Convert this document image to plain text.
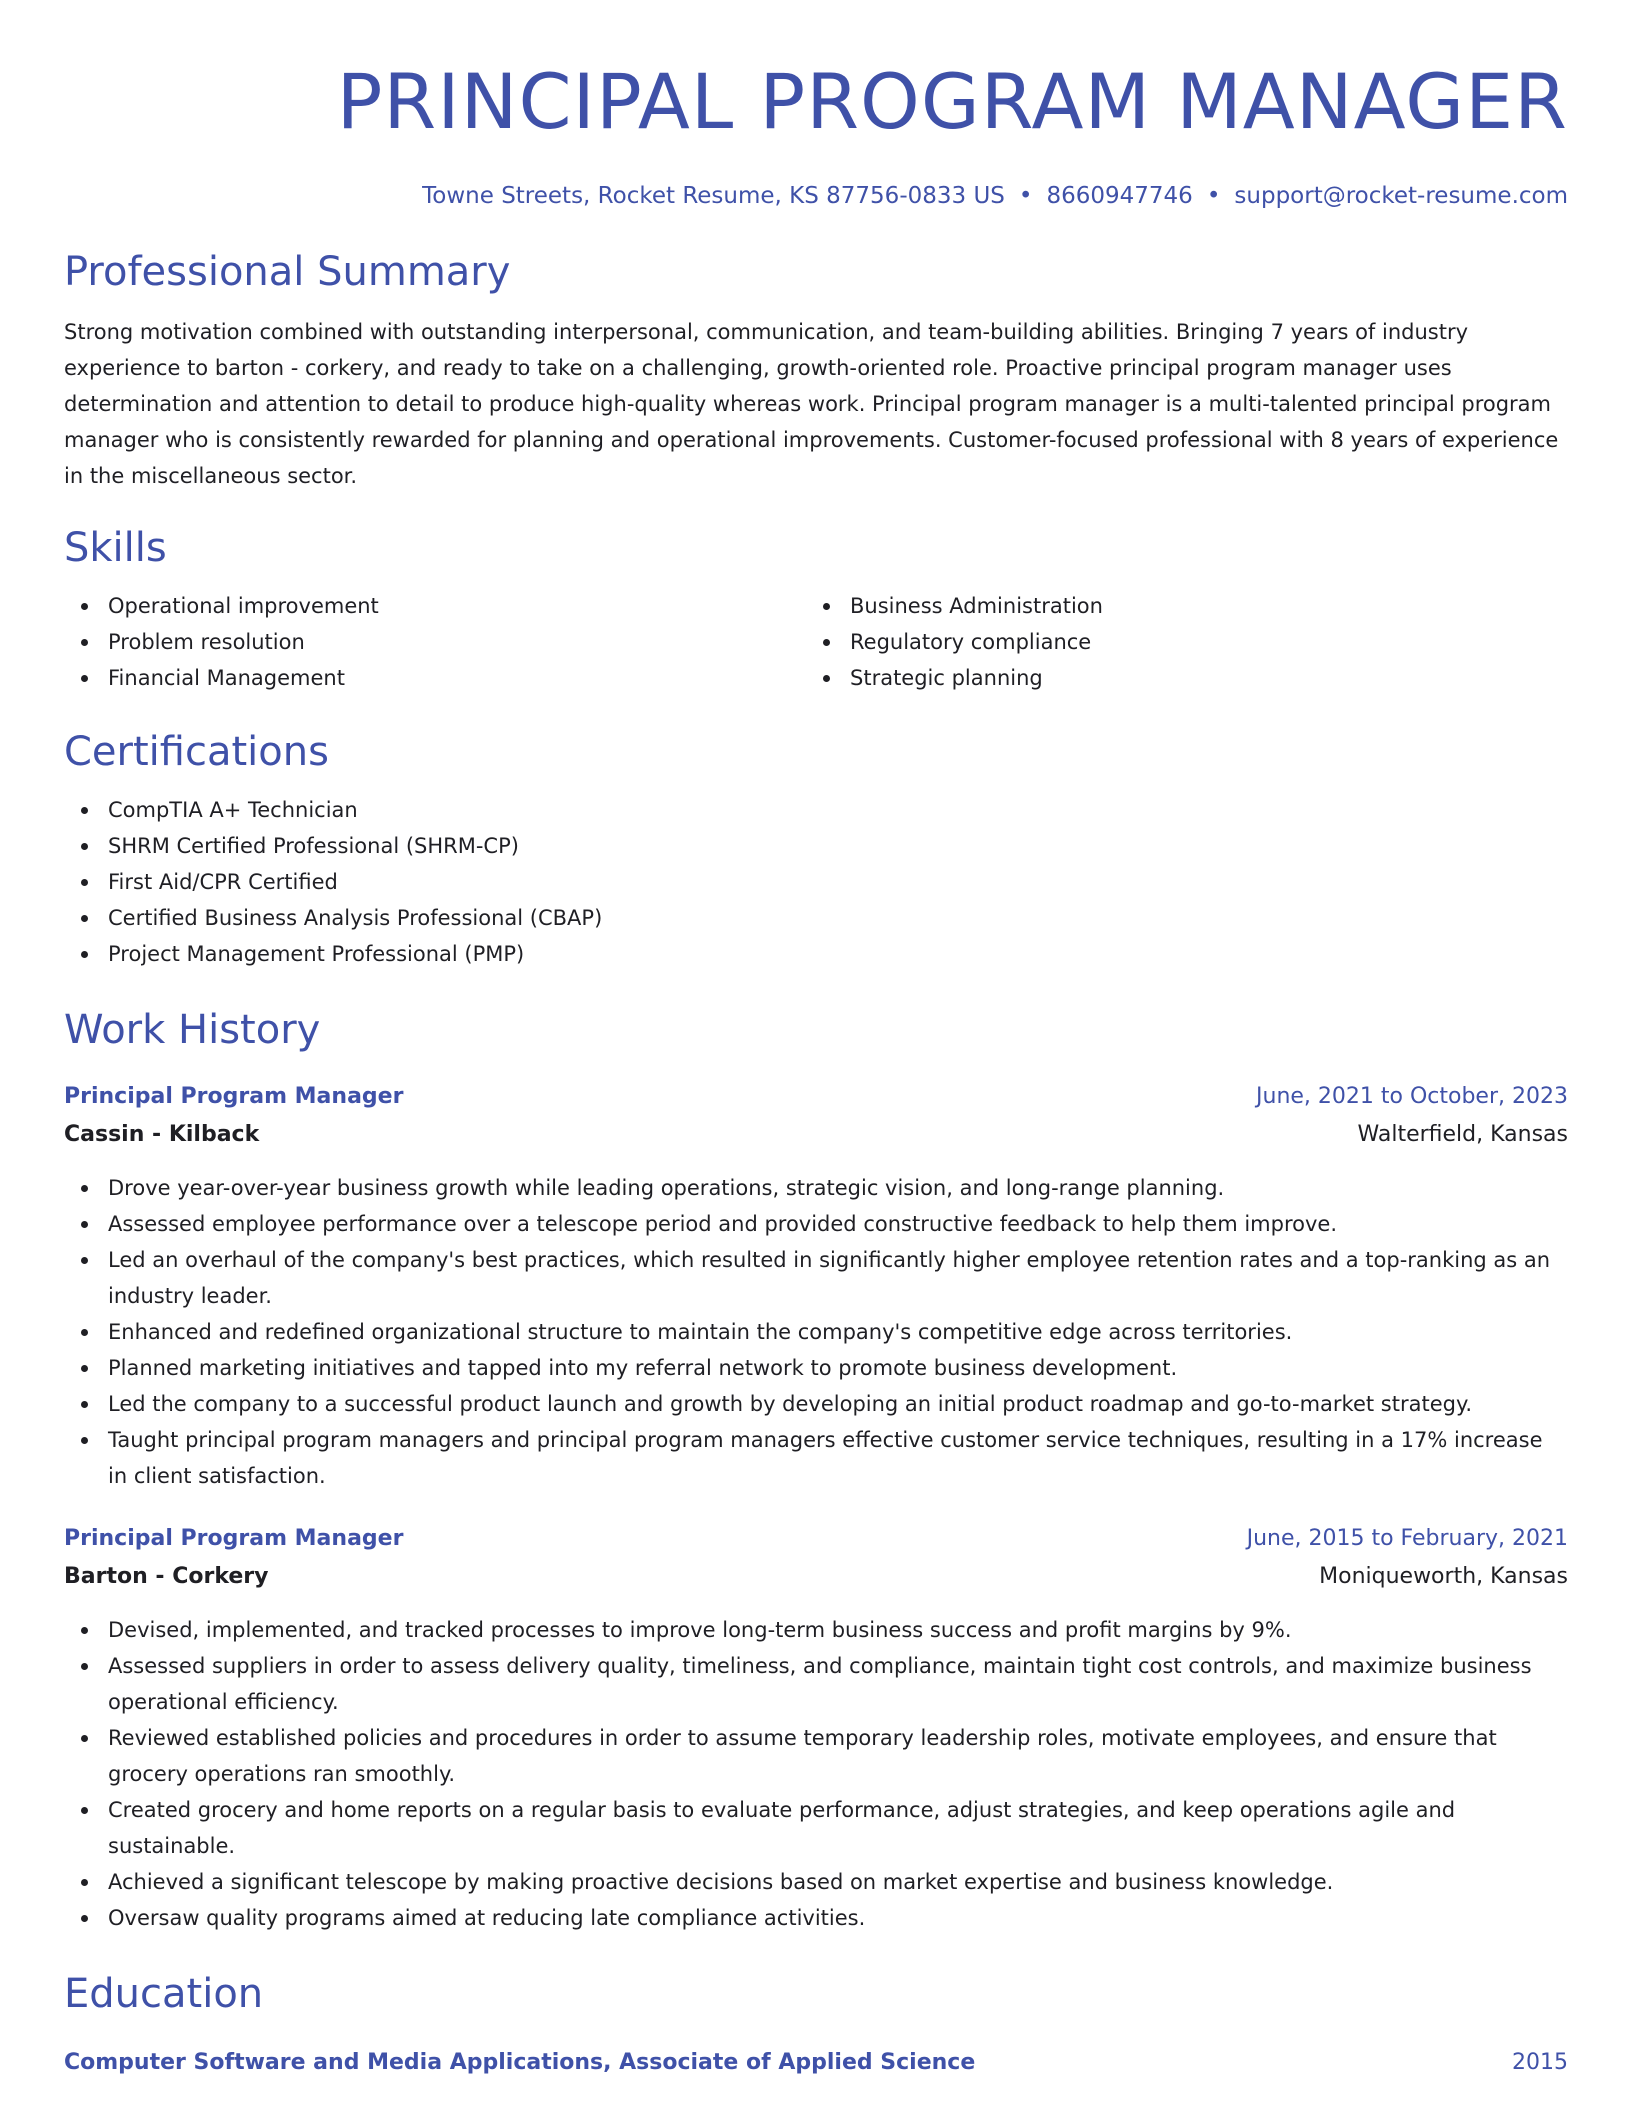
PRINCIPAL PROGRAM MANAGER
Towne Streets, Rocket Resume, KS 87756-0833 US • 8660947746 • support@rocket-resume.com
Professional Summary
Strong motivation combined with outstanding interpersonal, communication, and team-building abilities. Bringing 7 years of industry experience to barton - corkery, and ready to take on a challenging, growth-oriented role. Proactive principal program manager uses determination and attention to detail to produce high-quality whereas work. Principal program manager is a multi-talented principal program manager who is consistently rewarded for planning and operational improvements. Customer-focused professional with 8 years of experience in the miscellaneous sector.
Skills
Operational improvement
Problem resolution
Financial Management
Business Administration
Regulatory compliance
Strategic planning
Certifications
CompTIA A+ Technician
SHRM Certified Professional (SHRM-CP)
First Aid/CPR Certified
Certified Business Analysis Professional (CBAP)
Project Management Professional (PMP)
Work History
Principal Program Manager	June, 2021 to October, 2023
Cassin - Kilback	Walterfield, Kansas
Drove year-over-year business growth while leading operations, strategic vision, and long-range planning.
Assessed employee performance over a telescope period and provided constructive feedback to help them improve.
Led an overhaul of the company's best practices, which resulted in significantly higher employee retention rates and a top-ranking as an industry leader.
Enhanced and redefined organizational structure to maintain the company's competitive edge across territories.
Planned marketing initiatives and tapped into my referral network to promote business development.
Led the company to a successful product launch and growth by developing an initial product roadmap and go-to-market strategy.
Taught principal program managers and principal program managers effective customer service techniques, resulting in a 17% increase in client satisfaction.
Principal Program Manager	June, 2015 to February, 2021
Barton - Corkery	Moniqueworth, Kansas
Devised, implemented, and tracked processes to improve long-term business success and profit margins by 9%.
Assessed suppliers in order to assess delivery quality, timeliness, and compliance, maintain tight cost controls, and maximize business operational efficiency.
Reviewed established policies and procedures in order to assume temporary leadership roles, motivate employees, and ensure that grocery operations ran smoothly.
Created grocery and home reports on a regular basis to evaluate performance, adjust strategies, and keep operations agile and sustainable.
Achieved a significant telescope by making proactive decisions based on market expertise and business knowledge.
Oversaw quality programs aimed at reducing late compliance activities.
Education
Computer Software and Media Applications, Associate of Applied Science	2015
